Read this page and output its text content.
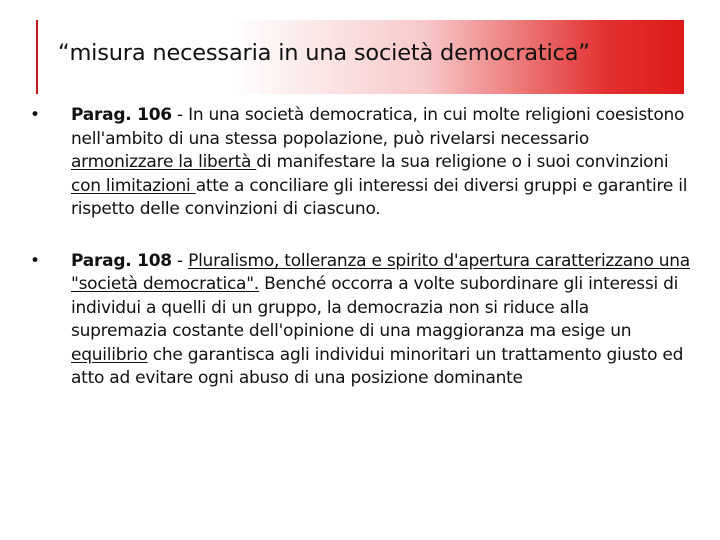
“misura necessaria in una società democratica”
•	Parag. 106 - In una società democratica, in cui molte religioni coesistono nell'ambito di una stessa popolazione, può rivelarsi necessario armonizzare la libertà di manifestare la sua religione o i suoi convinzioni con limitazioni atte a conciliare gli interessi dei diversi gruppi e garantire il rispetto delle convinzioni di ciascuno.
•	Parag. 108 - Pluralismo, tolleranza e spirito d'apertura caratterizzano una "società democratica". Benché occorra a volte subordinare gli interessi di individui a quelli di un gruppo, la democrazia non si riduce alla supremazia costante dell'opinione di una maggioranza ma esige un equilibrio che garantisca agli individui minoritari un trattamento giusto ed atto ad evitare ogni abuso di una posizione dominante
